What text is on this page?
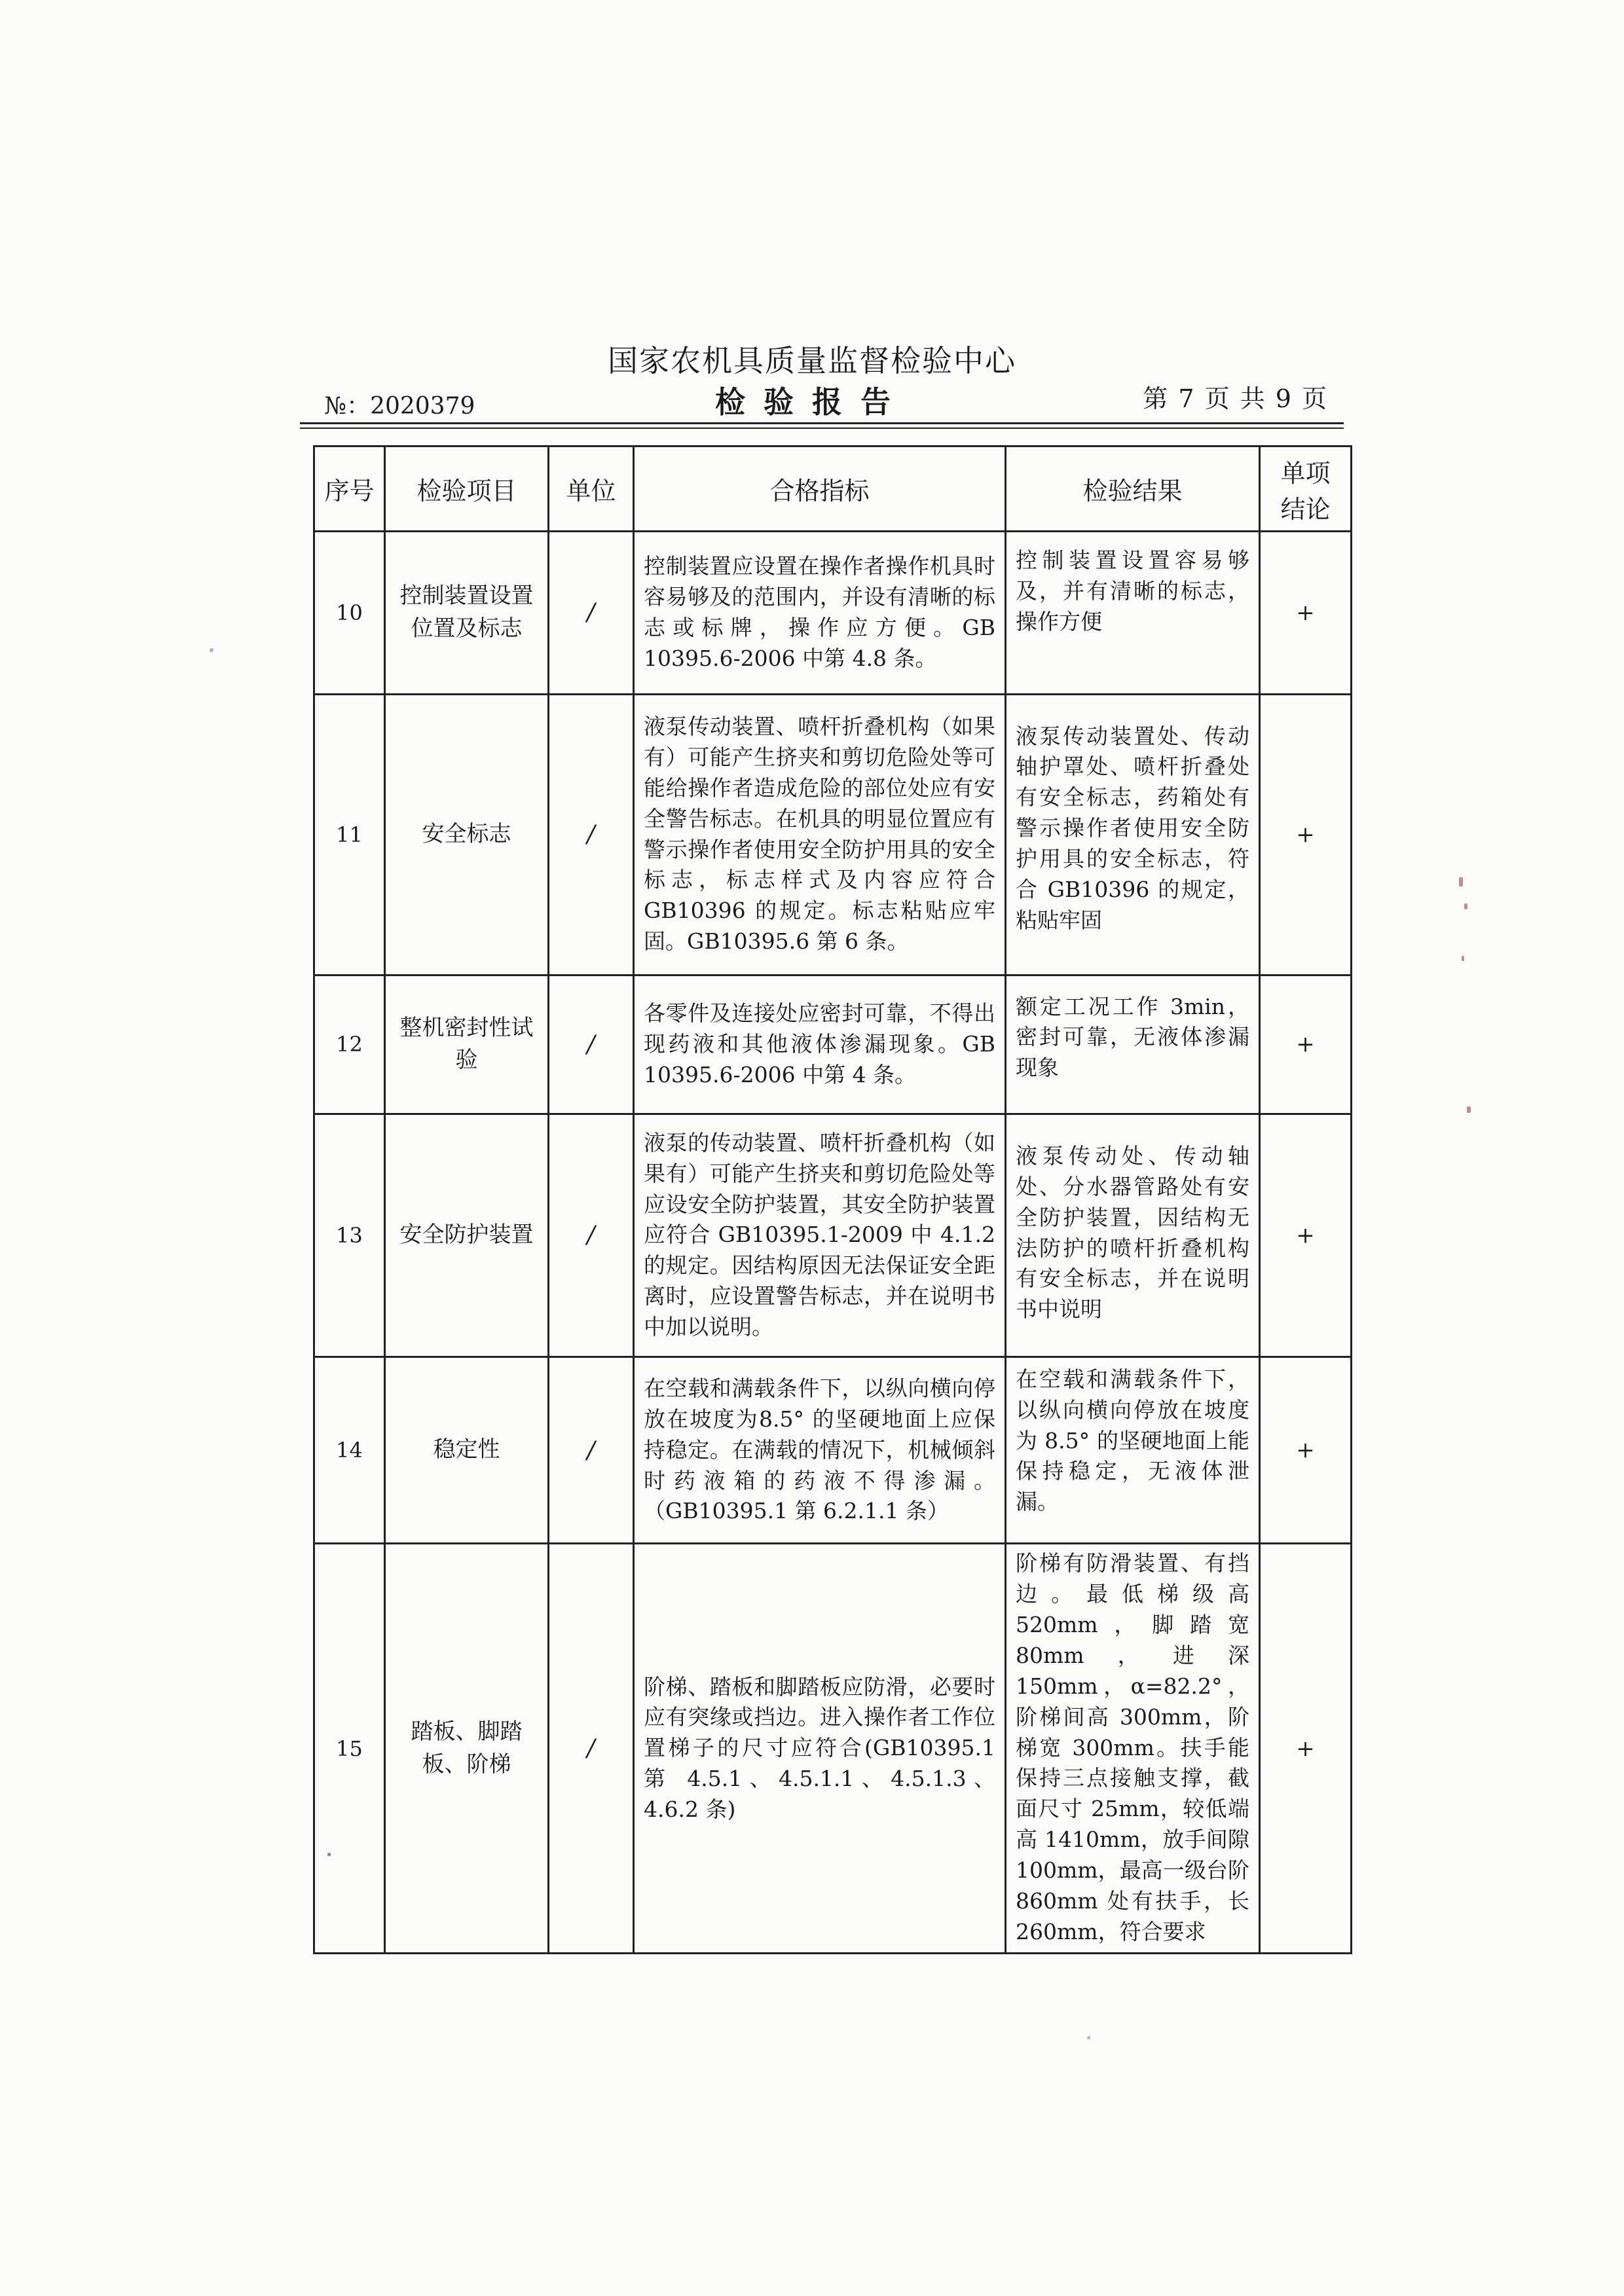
国家农机具质量监督检验中心
检验报告
№：2020379	第 7 页 共 9 页
序号	检验项目	单位	合格指标	检验结果	单项结论
10	控制装置设置位置及标志	/	控制装置应设置在操作者操作机具时容易够及的范围内，并设有清晰的标志或标牌，操作应方便。GB 10395.6-2006 中第 4.8 条。	控制装置设置容易够及，并有清晰的标志，操作方便	+
11	安全标志	/	液泵传动装置、喷杆折叠机构（如果有）可能产生挤夹和剪切危险处等可能给操作者造成危险的部位处应有安全警告标志。在机具的明显位置应有警示操作者使用安全防护用具的安全标志，标志样式及内容应符合 GB10396 的规定。标志粘贴应牢固。GB10395.6 第 6 条。	液泵传动装置处、传动轴护罩处、喷杆折叠处有安全标志，药箱处有警示操作者使用安全防护用具的安全标志，符合 GB10396 的规定，粘贴牢固	+
12	整机密封性试验	/	各零件及连接处应密封可靠，不得出现药液和其他液体渗漏现象。GB 10395.6-2006 中第 4 条。	额定工况工作 3min，密封可靠，无液体渗漏现象	+
13	安全防护装置	/	液泵的传动装置、喷杆折叠机构（如果有）可能产生挤夹和剪切危险处等应设安全防护装置，其安全防护装置应符合 GB10395.1-2009 中 4.1.2 的规定。因结构原因无法保证安全距离时，应设置警告标志，并在说明书中加以说明。	液泵传动处、传动轴处、分水器管路处有安全防护装置，因结构无法防护的喷杆折叠机构有安全标志，并在说明书中说明	+
14	稳定性	/	在空载和满载条件下，以纵向横向停放在坡度为8.5° 的坚硬地面上应保持稳定。在满载的情况下，机械倾斜时药液箱的药液不得渗漏。（GB10395.1 第 6.2.1.1 条）	在空载和满载条件下，以纵向横向停放在坡度为 8.5° 的坚硬地面上能保持稳定，无液体泄漏。	+
15	踏板、脚踏板、阶梯	/	阶梯、踏板和脚踏板应防滑，必要时应有突缘或挡边。进入操作者工作位置梯子的尺寸应符合(GB10395.1 第 4.5.1、4.5.1.1、4.5.1.3、4.6.2 条)	阶梯有防滑装置、有挡边。最低梯级高 520mm，脚踏宽 80mm，进深 150mm，α=82.2°，阶梯间高 300mm，阶梯宽 300mm。扶手能保持三点接触支撑，截面尺寸 25mm，较低端高 1410mm，放手间隙 100mm，最高一级台阶 860mm 处有扶手，长 260mm，符合要求	+
